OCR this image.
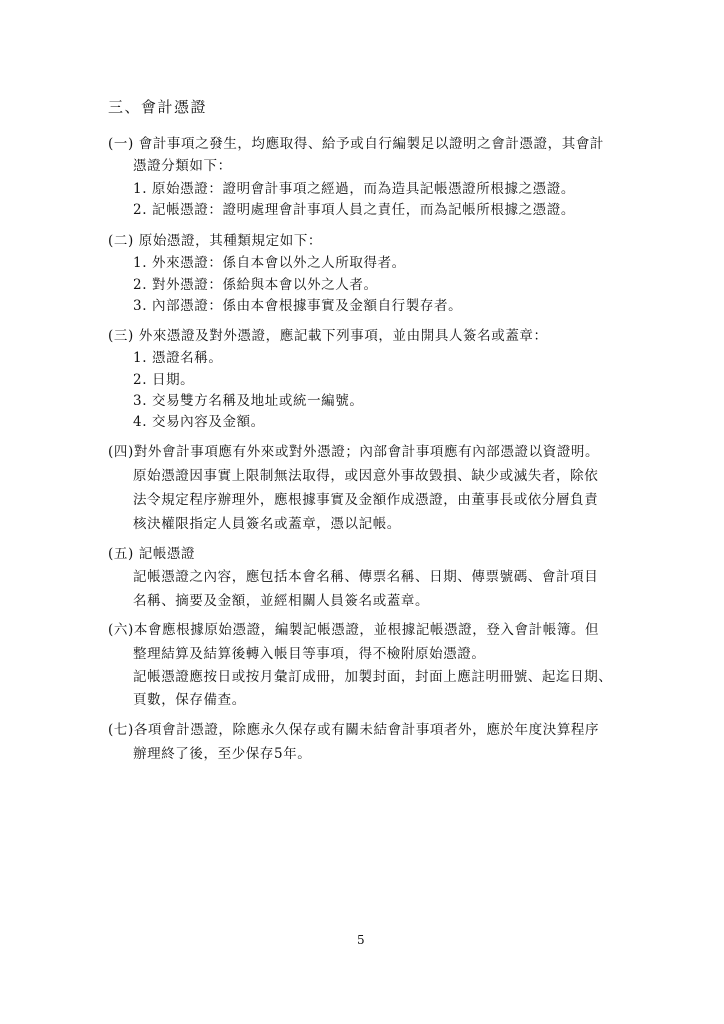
三、會計憑證
(一) 會計事項之發生，均應取得、給予或自行編製足以證明之會計憑證，其會計
憑證分類如下：
1. 原始憑證：證明會計事項之經過，而為造具記帳憑證所根據之憑證。
2. 記帳憑證：證明處理會計事項人員之責任，而為記帳所根據之憑證。
(二) 原始憑證，其種類規定如下：
1. 外來憑證：係自本會以外之人所取得者。
2. 對外憑證：係給與本會以外之人者。
3. 內部憑證：係由本會根據事實及金額自行製存者。
(三) 外來憑證及對外憑證，應記載下列事項，並由開具人簽名或蓋章：
1. 憑證名稱。
2. 日期。
3. 交易雙方名稱及地址或統一編號。
4. 交易內容及金額。
(四)對外會計事項應有外來或對外憑證；內部會計事項應有內部憑證以資證明。
原始憑證因事實上限制無法取得，或因意外事故毀損、缺少或滅失者，除依
法令規定程序辦理外，應根據事實及金額作成憑證，由董事長或依分層負責
核決權限指定人員簽名或蓋章，憑以記帳。
(五) 記帳憑證
記帳憑證之內容，應包括本會名稱、傳票名稱、日期、傳票號碼、會計項目
名稱、摘要及金額，並經相關人員簽名或蓋章。
(六)本會應根據原始憑證，編製記帳憑證，並根據記帳憑證，登入會計帳簿。但
整理結算及結算後轉入帳目等事項，得不檢附原始憑證。
記帳憑證應按日或按月彙訂成冊，加製封面，封面上應註明冊號、起迄日期、
頁數，保存備查。
(七)各項會計憑證，除應永久保存或有關未結會計事項者外，應於年度決算程序
辦理終了後，至少保存5年。
5
